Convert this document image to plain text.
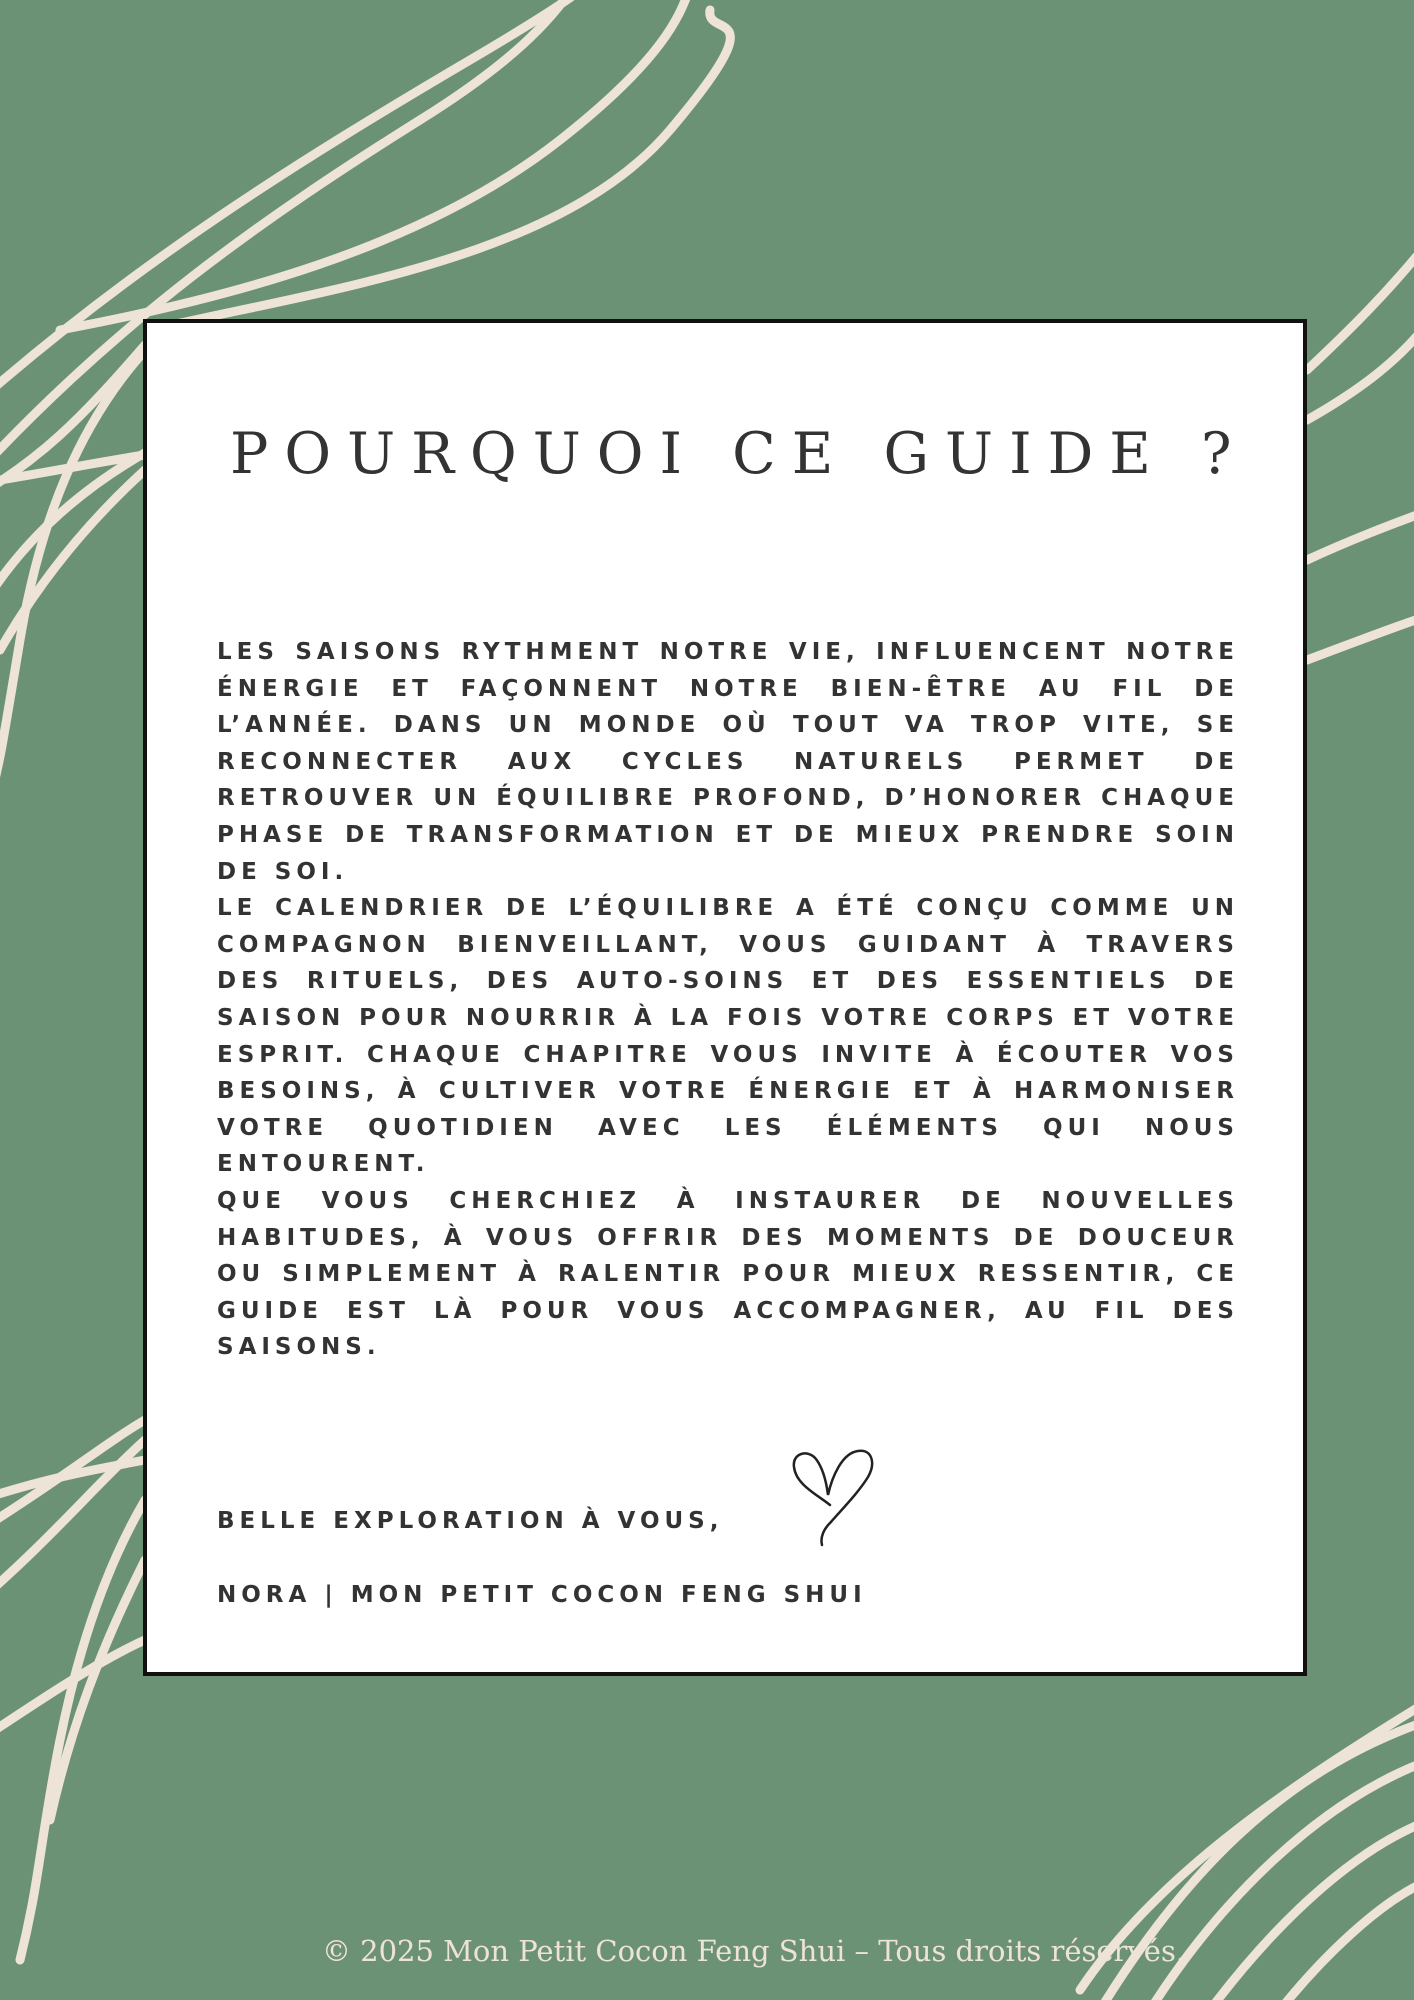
POURQUOI CE GUIDE ?

LES SAISONS RYTHMENT NOTRE VIE, INFLUENCENT NOTRE ÉNERGIE ET FAÇONNENT NOTRE BIEN-ÊTRE AU FIL DE L’ANNÉE. DANS UN MONDE OÙ TOUT VA TROP VITE, SE RECONNECTER AUX CYCLES NATURELS PERMET DE RETROUVER UN ÉQUILIBRE PROFOND, D’HONORER CHAQUE PHASE DE TRANSFORMATION ET DE MIEUX PRENDRE SOIN DE SOI.

LE CALENDRIER DE L’ÉQUILIBRE A ÉTÉ CONÇU COMME UN COMPAGNON BIENVEILLANT, VOUS GUIDANT À TRAVERS DES RITUELS, DES AUTO-SOINS ET DES ESSENTIELS DE SAISON POUR NOURRIR À LA FOIS VOTRE CORPS ET VOTRE ESPRIT. CHAQUE CHAPITRE VOUS INVITE À ÉCOUTER VOS BESOINS, À CULTIVER VOTRE ÉNERGIE ET À HARMONISER VOTRE QUOTIDIEN AVEC LES ÉLÉMENTS QUI NOUS ENTOURENT.

QUE VOUS CHERCHIEZ À INSTAURER DE NOUVELLES HABITUDES, À VOUS OFFRIR DES MOMENTS DE DOUCEUR OU SIMPLEMENT À RALENTIR POUR MIEUX RESSENTIR, CE GUIDE EST LÀ POUR VOUS ACCOMPAGNER, AU FIL DES SAISONS.

BELLE EXPLORATION À VOUS,

NORA | MON PETIT COCON FENG SHUI

© 2025 Mon Petit Cocon Feng Shui – Tous droits réservés.
